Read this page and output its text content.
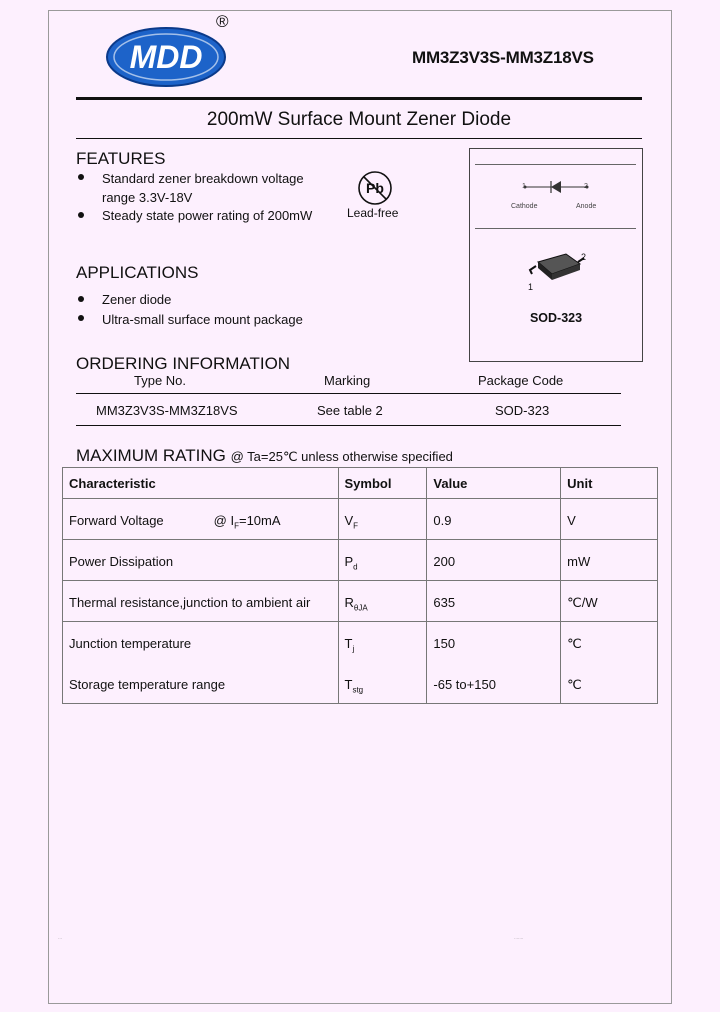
MDD
®
MM3Z3V3S-MM3Z18VS
200mW Surface Mount Zener Diode
FEATURES
Standard zener breakdown voltage
range 3.3V-18V
Steady state power rating of 200mW
Pb
Lead-free
1	2
Cathode	Anode
2
1
SOD-323
APPLICATIONS
Zener diode
Ultra-small surface mount package
ORDERING INFORMATION
Type No.	Marking	Package Code
MM3Z3V3S-MM3Z18VS	See table 2	SOD-323
MAXIMUM RATING @ Ta=25℃ unless otherwise specified
Characteristic	Symbol	Value	Unit
Forward Voltage @ $I_F=10mA$	$V_F$	0.9	V
Power Dissipation	$P_d$	200	mW
Thermal resistance,junction to ambient air	$R_{\theta JA}$	635	℃/W
Junction temperature	$T_j$	150	℃
Storage temperature range	$T_{stg}$	-65 to+150	℃
···	·······
